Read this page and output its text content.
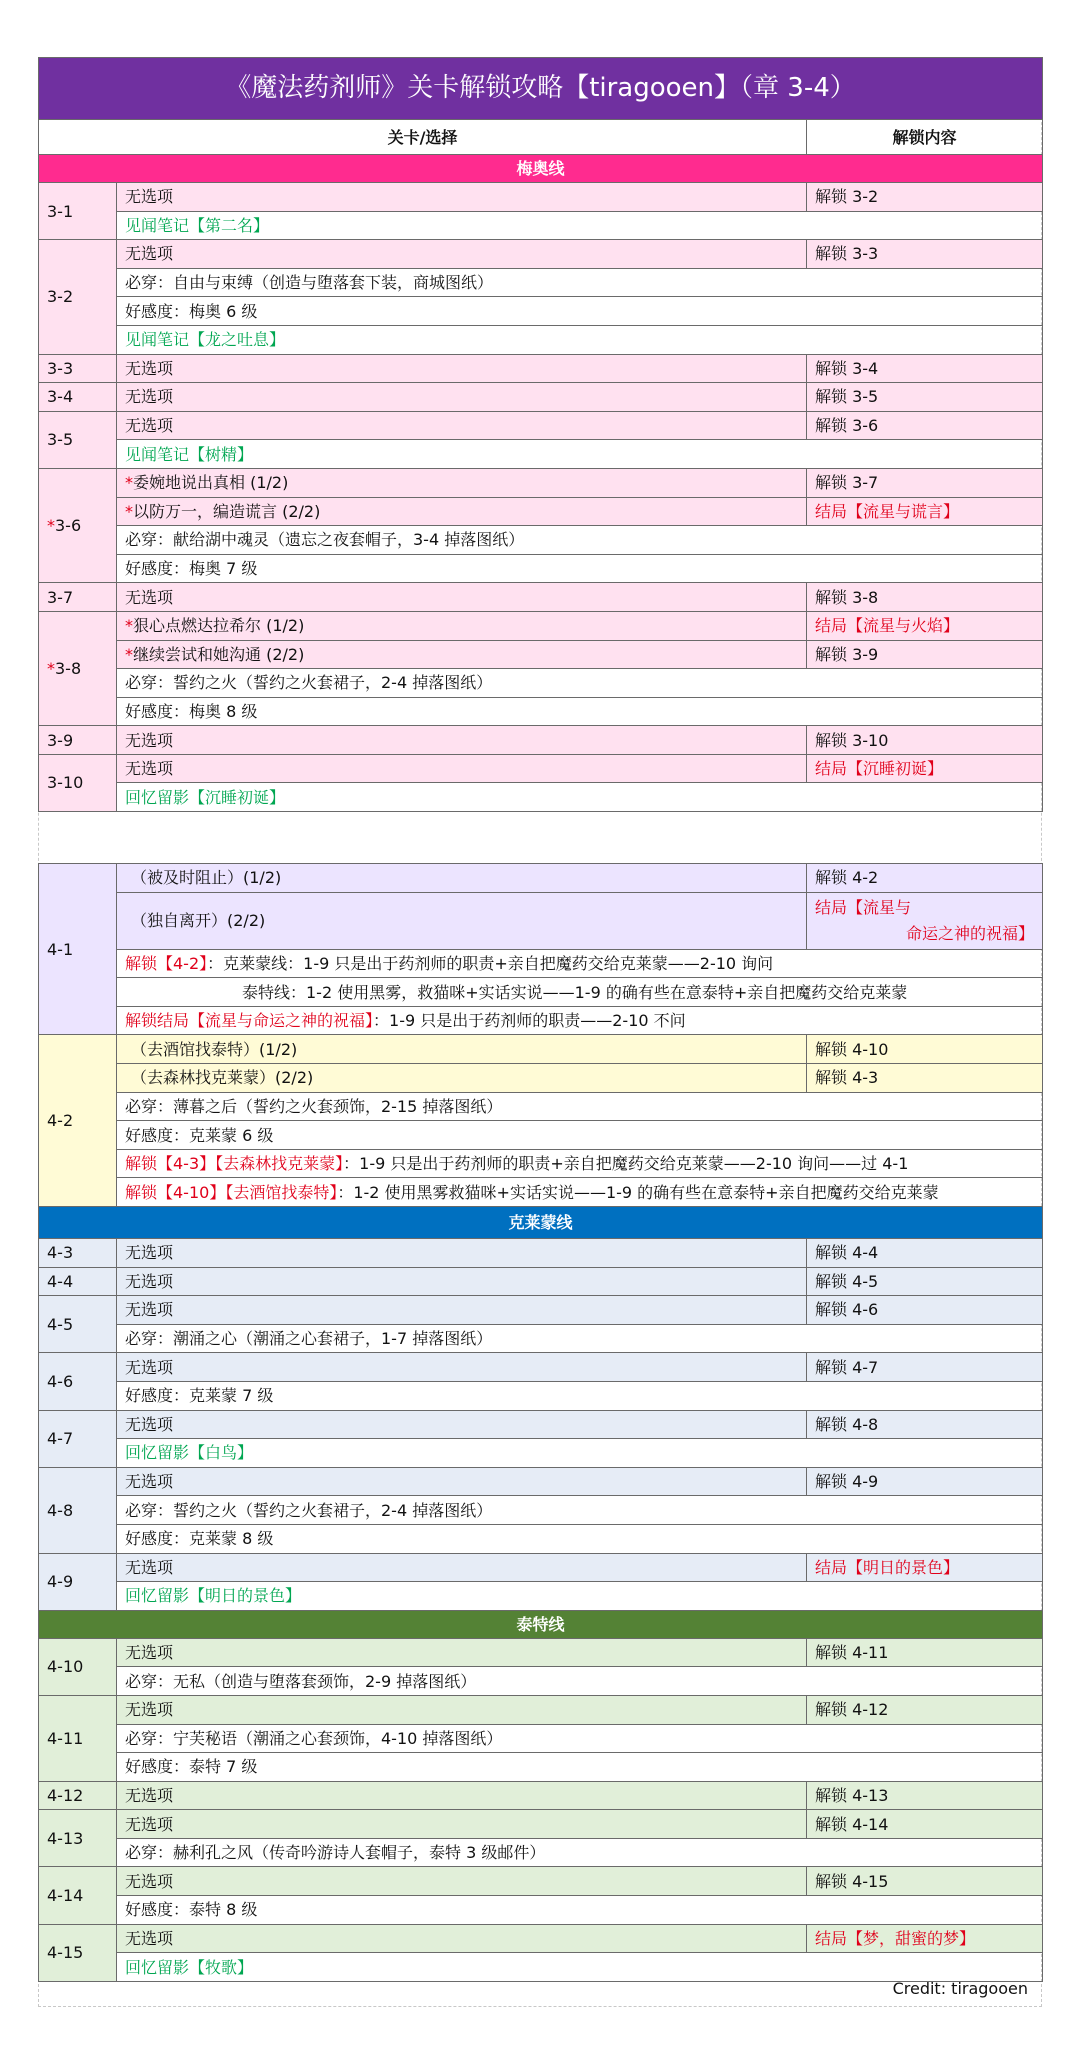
《魔法药剂师》关卡解锁攻略【tiragooen】（章 3-4）		
关卡/选择		解锁内容
梅奥线		
3-1	无选项	解锁 3-2
	见闻笔记【第二名】	
3-2	无选项	解锁 3-3
	必穿：自由与束缚（创造与堕落套下装，商城图纸）	
	好感度：梅奥 6 级	
	见闻笔记【龙之吐息】	
3-3	无选项	解锁 3-4
3-4	无选项	解锁 3-5
3-5	无选项	解锁 3-6
	见闻笔记【树精】	
*3-6	*委婉地说出真相 (1/2)	解锁 3-7
	*以防万一，编造谎言 (2/2)	结局【流星与谎言】
	必穿：献给湖中魂灵（遗忘之夜套帽子，3-4 掉落图纸）	
	好感度：梅奥 7 级	
3-7	无选项	解锁 3-8
*3-8	*狠心点燃达拉希尔 (1/2)	结局【流星与火焰】
	*继续尝试和她沟通 (2/2)	解锁 3-9
	必穿：誓约之火（誓约之火套裙子，2-4 掉落图纸）	
	好感度：梅奥 8 级	
3-9	无选项	解锁 3-10
3-10	无选项	结局【沉睡初诞】
	回忆留影【沉睡初诞】	

4-1	（被及时阻止）(1/2)	解锁 4-2
	（独自离开）(2/2)	结局【流星与
命运之神的祝福】

	解锁【4-2】：克莱蒙线：1-9 只是出于药剂师的职责+亲自把魔药交给克莱蒙——2-10 询问	
	泰特线：1-2 使用黑雾，救猫咪+实话实说——1-9 的确有些在意泰特+亲自把魔药交给克莱蒙	
	解锁结局【流星与命运之神的祝福】：1-9 只是出于药剂师的职责——2-10 不问	
4-2	（去酒馆找泰特）(1/2)	解锁 4-10
	（去森林找克莱蒙）(2/2)	解锁 4-3
	必穿：薄暮之后（誓约之火套颈饰，2-15 掉落图纸）	
	好感度：克莱蒙 6 级	
	解锁【4-3】【去森林找克莱蒙】：1-9 只是出于药剂师的职责+亲自把魔药交给克莱蒙——2-10 询问——过 4-1	
	解锁【4-10】【去酒馆找泰特】：1-2 使用黑雾救猫咪+实话实说——1-9 的确有些在意泰特+亲自把魔药交给克莱蒙	
克莱蒙线		
4-3	无选项	解锁 4-4
4-4	无选项	解锁 4-5
4-5	无选项	解锁 4-6
	必穿：潮涌之心（潮涌之心套裙子，1-7 掉落图纸）	
4-6	无选项	解锁 4-7
	好感度：克莱蒙 7 级	
4-7	无选项	解锁 4-8
	回忆留影【白鸟】	
4-8	无选项	解锁 4-9
	必穿：誓约之火（誓约之火套裙子，2-4 掉落图纸）	
	好感度：克莱蒙 8 级	
4-9	无选项	结局【明日的景色】
	回忆留影【明日的景色】	
泰特线		
4-10	无选项	解锁 4-11
	必穿：无私（创造与堕落套颈饰，2-9 掉落图纸）	
4-11	无选项	解锁 4-12
	必穿：宁芙秘语（潮涌之心套颈饰，4-10 掉落图纸）	
	好感度：泰特 7 级	
4-12	无选项	解锁 4-13
4-13	无选项	解锁 4-14
	必穿：赫利孔之风（传奇吟游诗人套帽子，泰特 3 级邮件）	
4-14	无选项	解锁 4-15
	好感度：泰特 8 级	
4-15	无选项	结局【梦，甜蜜的梦】
	回忆留影【牧歌】	
Credit: tiragooen
